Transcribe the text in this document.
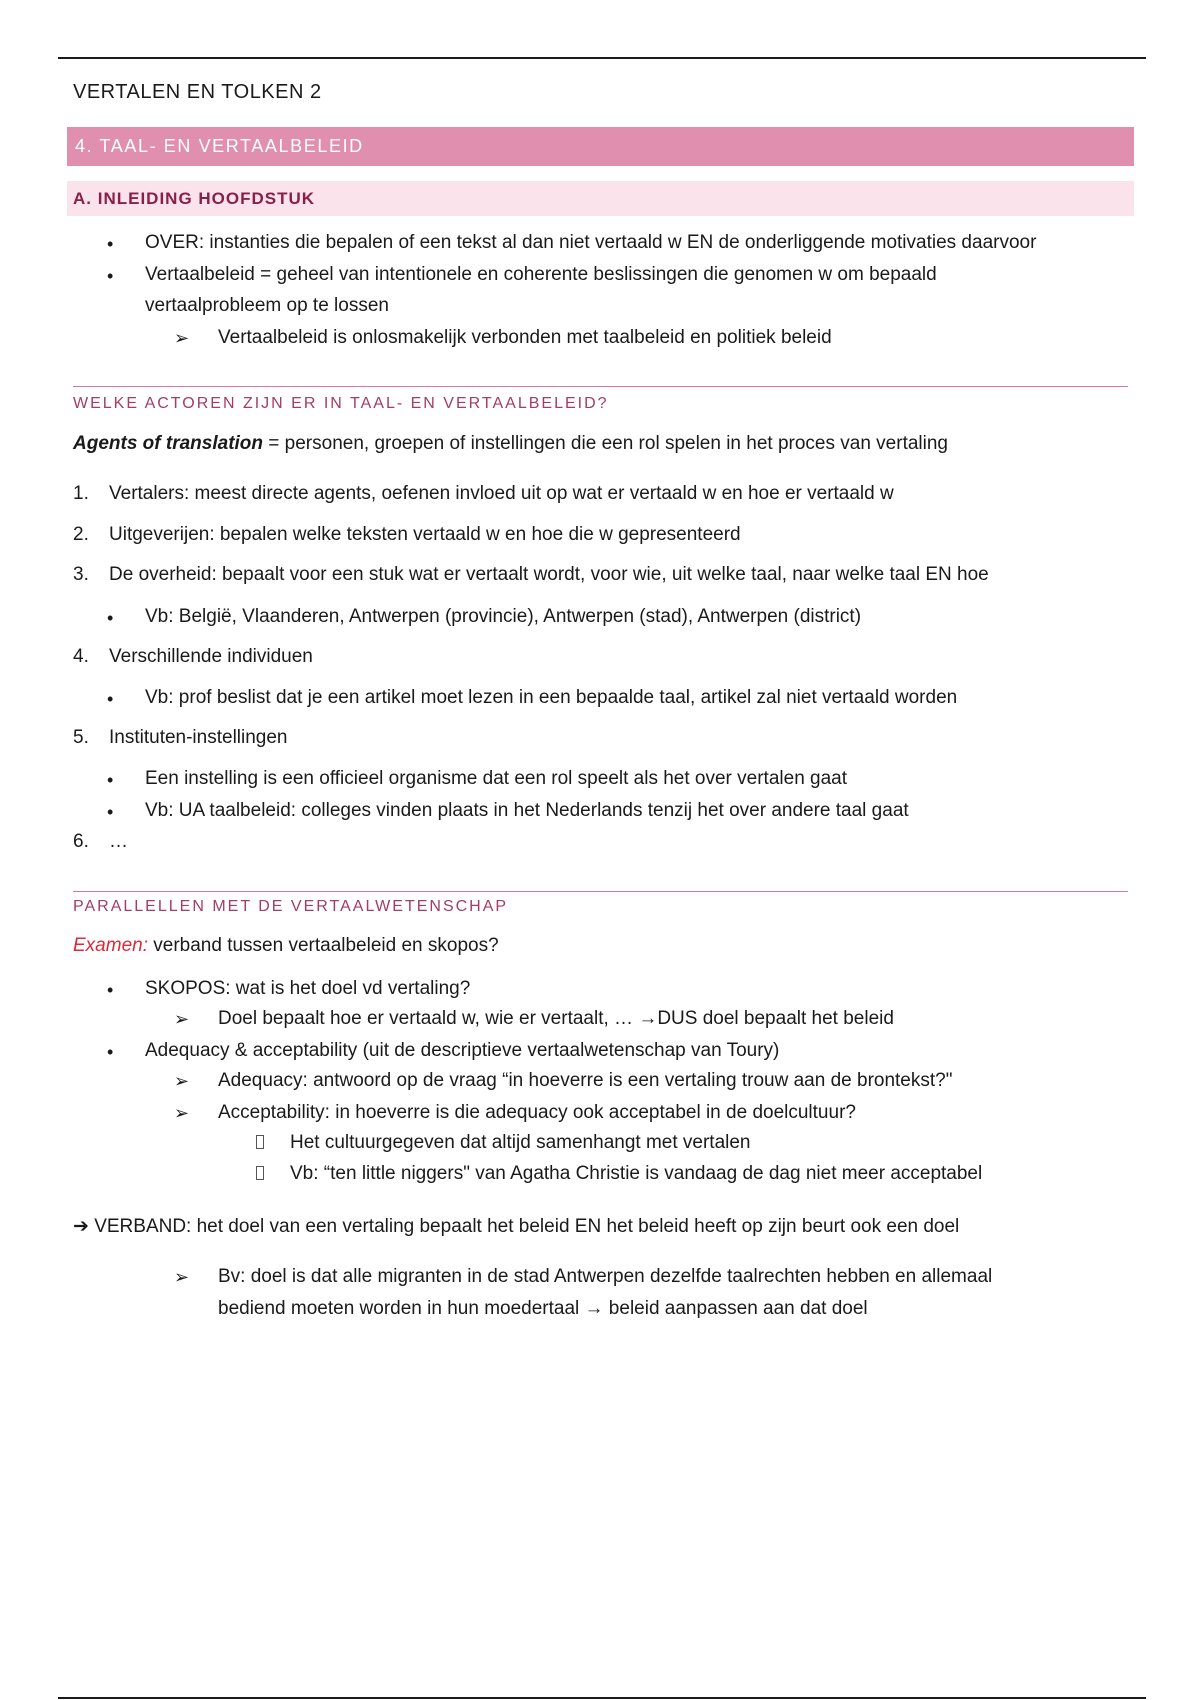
VERTALEN EN TOLKEN 2
4. TAAL- EN VERTAALBELEID
A. INLEIDING HOOFDSTUK
• OVER: instanties die bepalen of een tekst al dan niet vertaald w EN de onderliggende motivaties daarvoor
• Vertaalbeleid = geheel van intentionele en coherente beslissingen die genomen w om bepaald
vertaalprobleem op te lossen
➢ Vertaalbeleid is onlosmakelijk verbonden met taalbeleid en politiek beleid
WELKE ACTOREN ZIJN ER IN TAAL- EN VERTAALBELEID?
Agents of translation = personen, groepen of instellingen die een rol spelen in het proces van vertaling
1. Vertalers: meest directe agents, oefenen invloed uit op wat er vertaald w en hoe er vertaald w
2. Uitgeverijen: bepalen welke teksten vertaald w en hoe die w gepresenteerd
3. De overheid: bepaalt voor een stuk wat er vertaalt wordt, voor wie, uit welke taal, naar welke taal EN hoe
• Vb: België, Vlaanderen, Antwerpen (provincie), Antwerpen (stad), Antwerpen (district)
4. Verschillende individuen
• Vb: prof beslist dat je een artikel moet lezen in een bepaalde taal, artikel zal niet vertaald worden
5. Instituten-instellingen
• Een instelling is een officieel organisme dat een rol speelt als het over vertalen gaat
• Vb: UA taalbeleid: colleges vinden plaats in het Nederlands tenzij het over andere taal gaat
6. …
PARALLELLEN MET DE VERTAALWETENSCHAP
Examen: verband tussen vertaalbeleid en skopos?
• SKOPOS: wat is het doel vd vertaling?
➢ Doel bepaalt hoe er vertaald w, wie er vertaalt, … →DUS doel bepaalt het beleid
• Adequacy & acceptability (uit de descriptieve vertaalwetenschap van Toury)
➢ Adequacy: antwoord op de vraag “in hoeverre is een vertaling trouw aan de brontekst?"
➢ Acceptability: in hoeverre is die adequacy ook acceptabel in de doelcultuur?
Het cultuurgegeven dat altijd samenhangt met vertalen
Vb: “ten little niggers" van Agatha Christie is vandaag de dag niet meer acceptabel
➔ VERBAND: het doel van een vertaling bepaalt het beleid EN het beleid heeft op zijn beurt ook een doel
➢ Bv: doel is dat alle migranten in de stad Antwerpen dezelfde taalrechten hebben en allemaal
bediend moeten worden in hun moedertaal → beleid aanpassen aan dat doel
